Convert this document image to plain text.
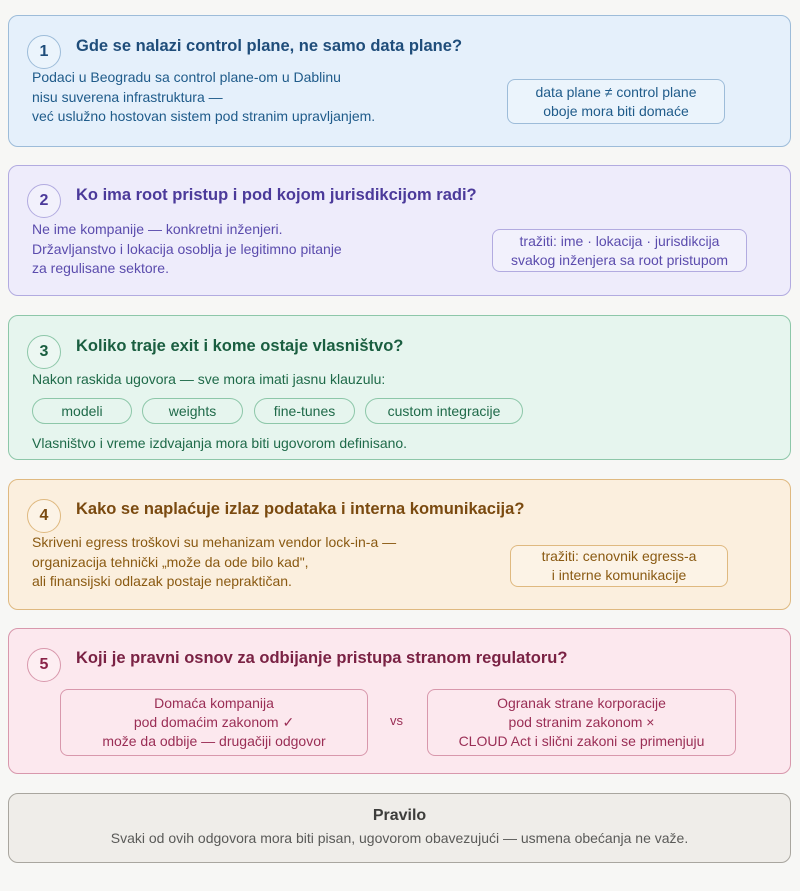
1	Gde se nalazi control plane, ne samo data plane?
Podaci u Beogradu sa control plane-om u Dablinu
nisu suverena infrastruktura —
već uslužno hostovan sistem pod stranim upravljanjem.
data plane ≠ control plane
oboje mora biti domaće
2	Ko ima root pristup i pod kojom jurisdikcijom radi?
Ne ime kompanije — konkretni inženjeri.
Državljanstvo i lokacija osoblja je legitimno pitanje
za regulisane sektore.
tražiti: ime · lokacija · jurisdikcija
svakog inženjera sa root pristupom
3	Koliko traje exit i kome ostaje vlasništvo?
Nakon raskida ugovora — sve mora imati jasnu klauzulu:
modeli	weights	fine-tunes	custom integracije
Vlasništvo i vreme izdvajanja mora biti ugovorom definisano.
4	Kako se naplaćuje izlaz podataka i interna komunikacija?
Skriveni egress troškovi su mehanizam vendor lock-in-a —
organizacija tehnički „može da ode bilo kad",
ali finansijski odlazak postaje nepraktičan.
tražiti: cenovnik egress-a
i interne komunikacije
5	Koji je pravni osnov za odbijanje pristupa stranom regulatoru?
Domaća kompanija
pod domaćim zakonom ✓
može da odbije — drugačiji odgovor
vs
Ogranak strane korporacije
pod stranim zakonom ×
CLOUD Act i slični zakoni se primenjuju
Pravilo
Svaki od ovih odgovora mora biti pisan, ugovorom obavezujući — usmena obećanja ne važe.
